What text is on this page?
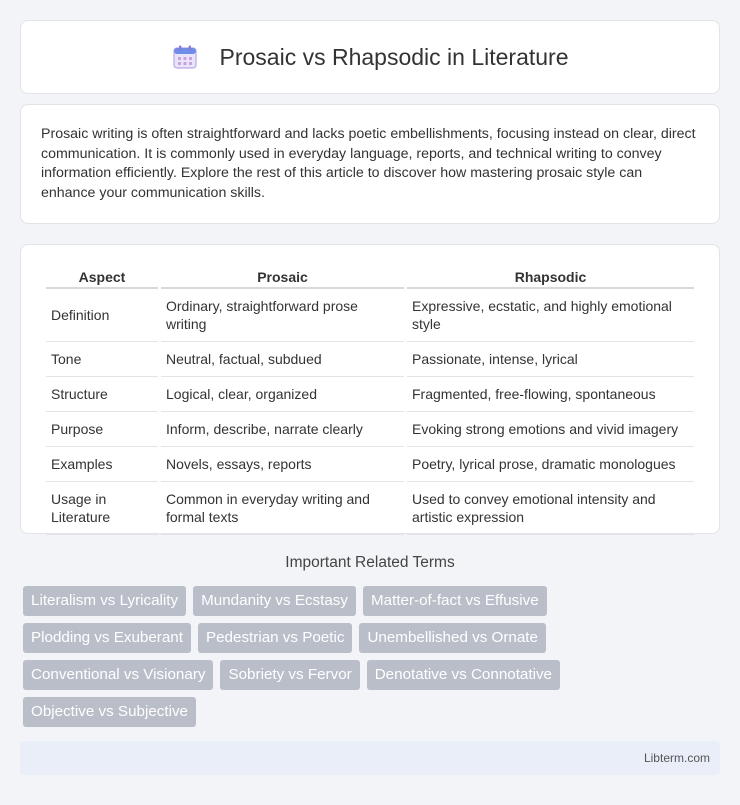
Prosaic vs Rhapsodic in Literature

Prosaic writing is often straightforward and lacks poetic embellishments, focusing instead on clear, direct communication. It is commonly used in everyday language, reports, and technical writing to convey information efficiently. Explore the rest of this article to discover how mastering prosaic style can enhance your communication skills.

Aspect	Prosaic	Rhapsodic
Definition	Ordinary, straightforward prose writing	Expressive, ecstatic, and highly emotional style
Tone	Neutral, factual, subdued	Passionate, intense, lyrical
Structure	Logical, clear, organized	Fragmented, free-flowing, spontaneous
Purpose	Inform, describe, narrate clearly	Evoking strong emotions and vivid imagery
Examples	Novels, essays, reports	Poetry, lyrical prose, dramatic monologues
Usage in Literature	Common in everyday writing and formal texts	Used to convey emotional intensity and artistic expression
Important Related Terms
Literalism vs Lyricality	Mundanity vs Ecstasy	Matter-of-fact vs Effusive
Plodding vs Exuberant	Pedestrian vs Poetic	Unembellished vs Ornate
Conventional vs Visionary	Sobriety vs Fervor	Denotative vs Connotative
Objective vs Subjective
Libterm.com
